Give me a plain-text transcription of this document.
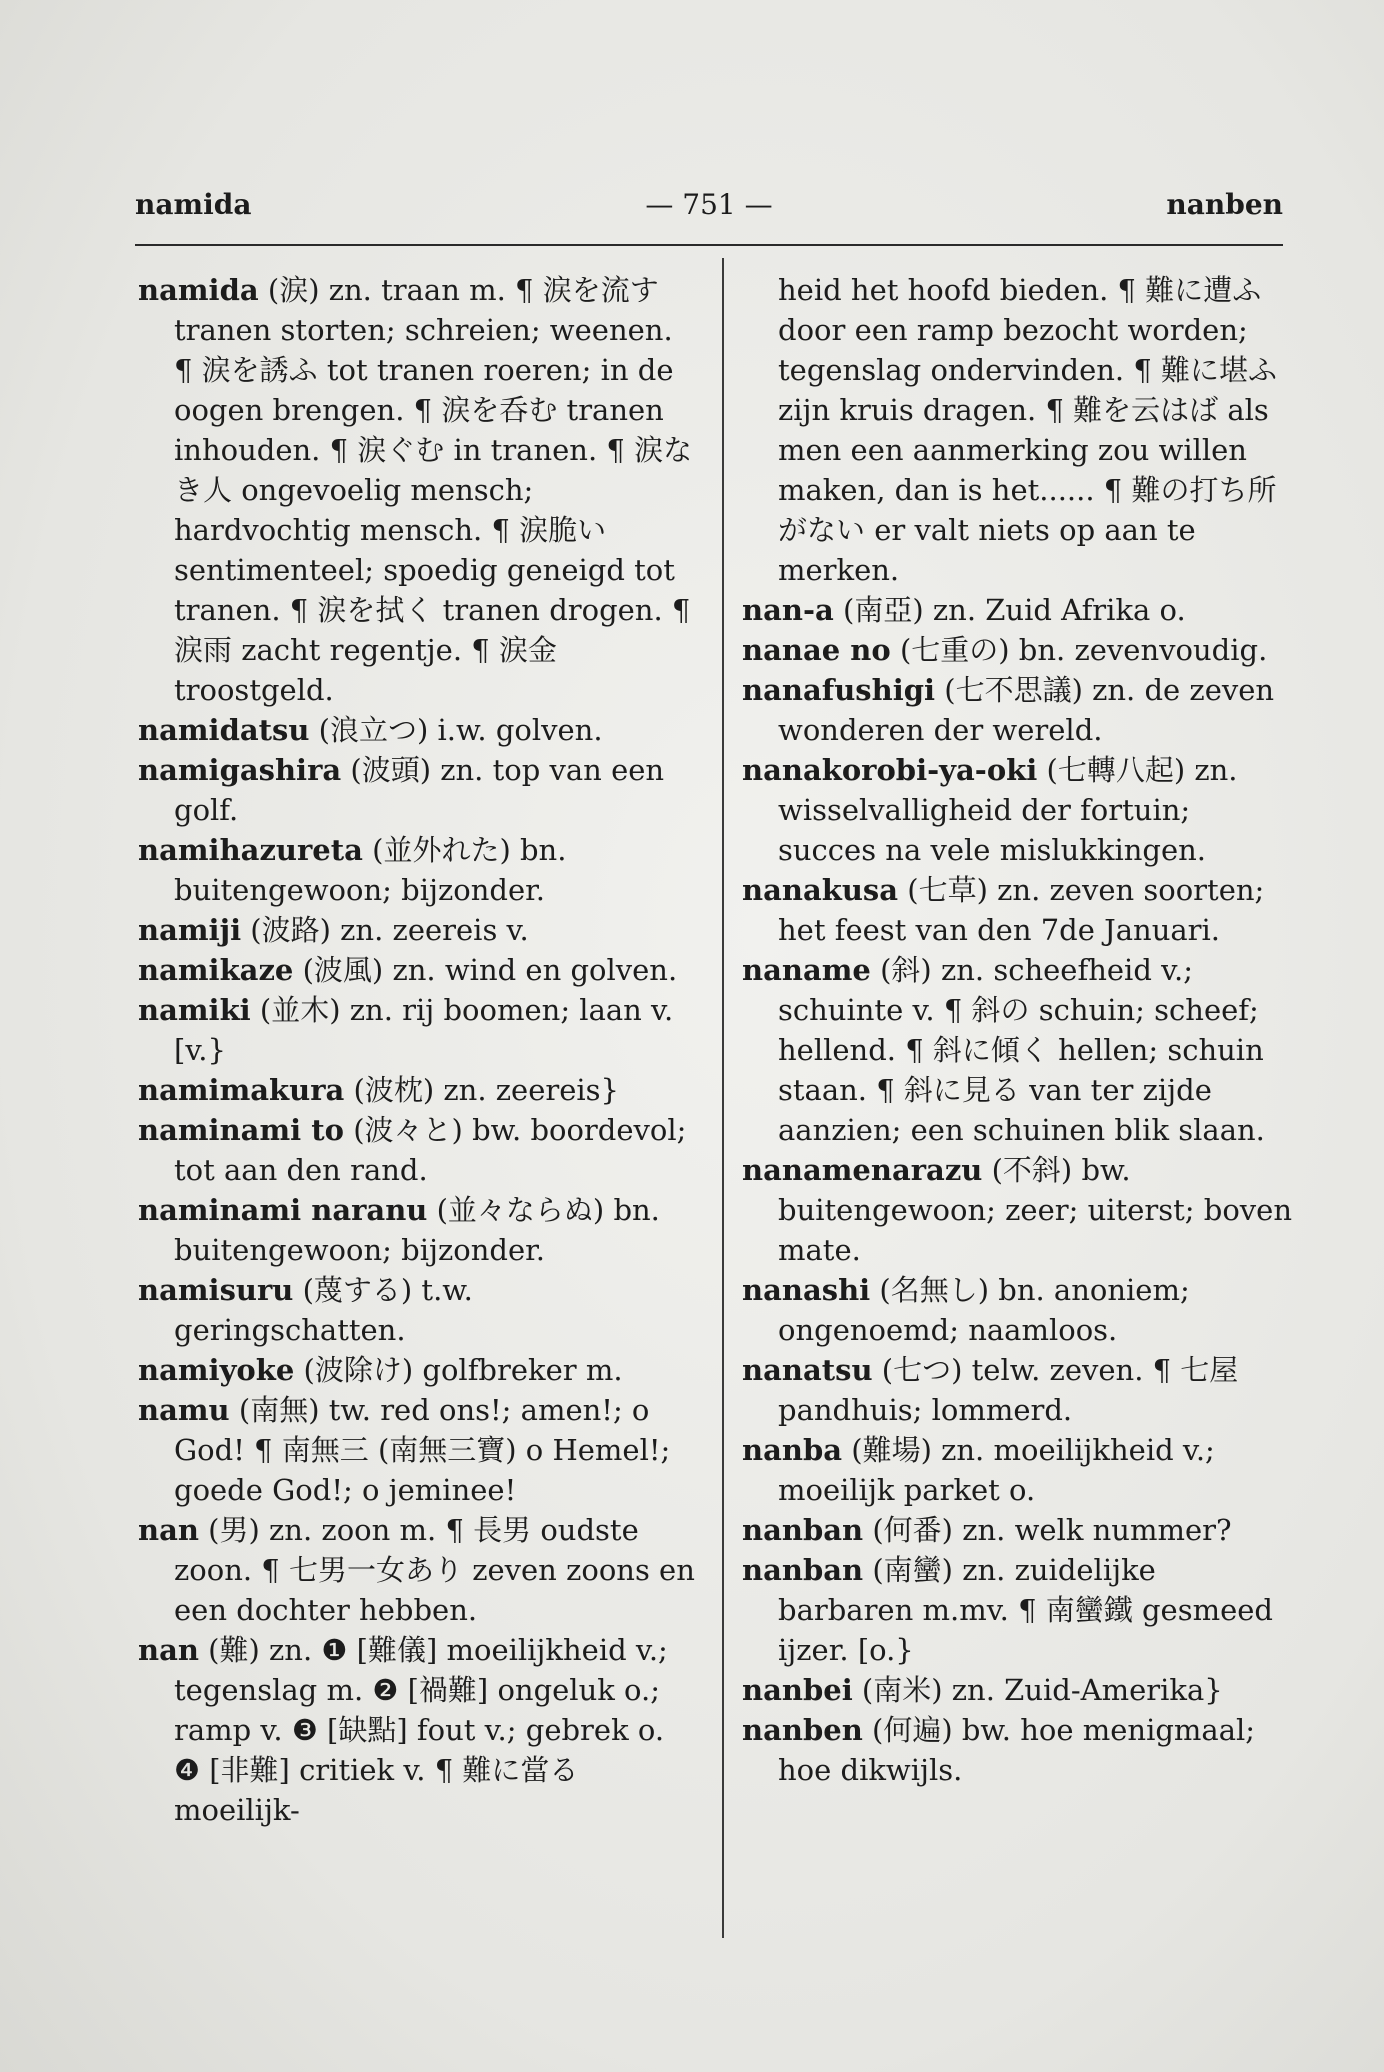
namida	— 751 —	nanben

namida (涙) zn. traan m. ¶ 涙を流す tranen storten; schreien; weenen. ¶ 涙を誘ふ tot tranen roeren; in de oogen brengen. ¶ 涙を呑む tranen inhouden. ¶ 涙ぐむ in tranen. ¶ 涙なき人 ongevoelig mensch; hardvochtig mensch. ¶ 涙脆い sentimenteel; spoedig geneigd tot tranen. ¶ 涙を拭く tranen drogen. ¶ 涙雨 zacht regentje. ¶ 涙金 troostgeld.

namidatsu (浪立つ) i.w. golven.

namigashira (波頭) zn. top van een golf.

namihazureta (並外れた) bn. buitengewoon; bijzonder.

namiji (波路) zn. zeereis v.

namikaze (波風) zn. wind en golven.

namiki (並木) zn. rij boomen; laan v. [v.}

namimakura (波枕) zn. zeereis}

naminami to (波々と) bw. boordevol; tot aan den rand.

naminami naranu (並々ならぬ) bn. buitengewoon; bijzonder.

namisuru (蔑する) t.w. geringschatten.

namiyoke (波除け) golfbreker m.

namu (南無) tw. red ons!; amen!; o God! ¶ 南無三 (南無三寶) o Hemel!; goede God!; o jeminee!

nan (男) zn. zoon m. ¶ 長男 oudste zoon. ¶ 七男一女あり zeven zoons en een dochter hebben.

nan (難) zn. ❶ [難儀] moeilijkheid v.; tegenslag m. ❷ [禍難] ongeluk o.; ramp v. ❸ [缺點] fout v.; gebrek o. ❹ [非難] critiek v. ¶ 難に當る moeilijk-

heid het hoofd bieden. ¶ 難に遭ふ door een ramp bezocht worden; tegenslag ondervinden. ¶ 難に堪ふ zijn kruis dragen. ¶ 難を云はば als men een aanmerking zou willen maken, dan is het...... ¶ 難の打ち所がない er valt niets op aan te merken.

nan-a (南亞) zn. Zuid Afrika o.

nanae no (七重の) bn. zevenvoudig.

nanafushigi (七不思議) zn. de zeven wonderen der wereld.

nanakorobi-ya-oki (七轉八起) zn. wisselvalligheid der fortuin; succes na vele mislukkingen.

nanakusa (七草) zn. zeven soorten; het feest van den 7de Januari.

naname (斜) zn. scheefheid v.; schuinte v. ¶ 斜の schuin; scheef; hellend. ¶ 斜に傾く hellen; schuin staan. ¶ 斜に見る van ter zijde aanzien; een schuinen blik slaan.

nanamenarazu (不斜) bw. buitengewoon; zeer; uiterst; boven mate.

nanashi (名無し) bn. anoniem; ongenoemd; naamloos.

nanatsu (七つ) telw. zeven. ¶ 七屋 pandhuis; lommerd.

nanba (難場) zn. moeilijkheid v.; moeilijk parket o.

nanban (何番) zn. welk nummer?

nanban (南蠻) zn. zuidelijke barbaren m.mv. ¶ 南蠻鐵 gesmeed ijzer. [o.}

nanbei (南米) zn. Zuid-Amerika}

nanben (何遍) bw. hoe menigmaal; hoe dikwijls.
